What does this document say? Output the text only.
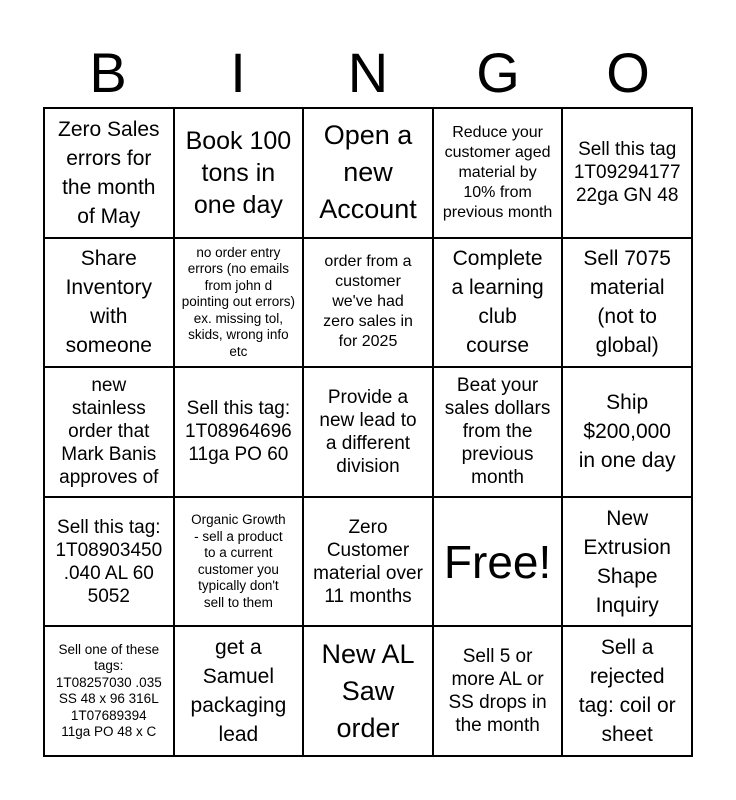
B	I	N	G	O
Zero Sales
errors for
the month
of May
Book 100
tons in
one day
Open a
new
Account
Reduce your
customer aged
material by
10% from
previous month
Sell this tag
1T09294177
22ga GN 48
Share
Inventory
with
someone
no order entry
errors (no emails
from john d
pointing out errors)
ex. missing tol,
skids, wrong info
etc
order from a
customer
we've had
zero sales in
for 2025
Complete
a learning
club
course
Sell 7075
material
(not to
global)
new
stainless
order that
Mark Banis
approves of
Sell this tag:
1T08964696
11ga PO 60
Provide a
new lead to
a different
division
Beat your
sales dollars
from the
previous
month
Ship
$200,000
in one day
Sell this tag:
1T08903450
.040 AL 60
5052
Organic Growth
- sell a product
to a current
customer you
typically don't
sell to them
Zero
Customer
material over
11 months
Free!
New
Extrusion
Shape
Inquiry
Sell one of these
tags:
1T08257030 .035
SS 48 x 96 316L
1T07689394
11ga PO 48 x C
get a
Samuel
packaging
lead
New AL
Saw
order
Sell 5 or
more AL or
SS drops in
the month
Sell a
rejected
tag: coil or
sheet
